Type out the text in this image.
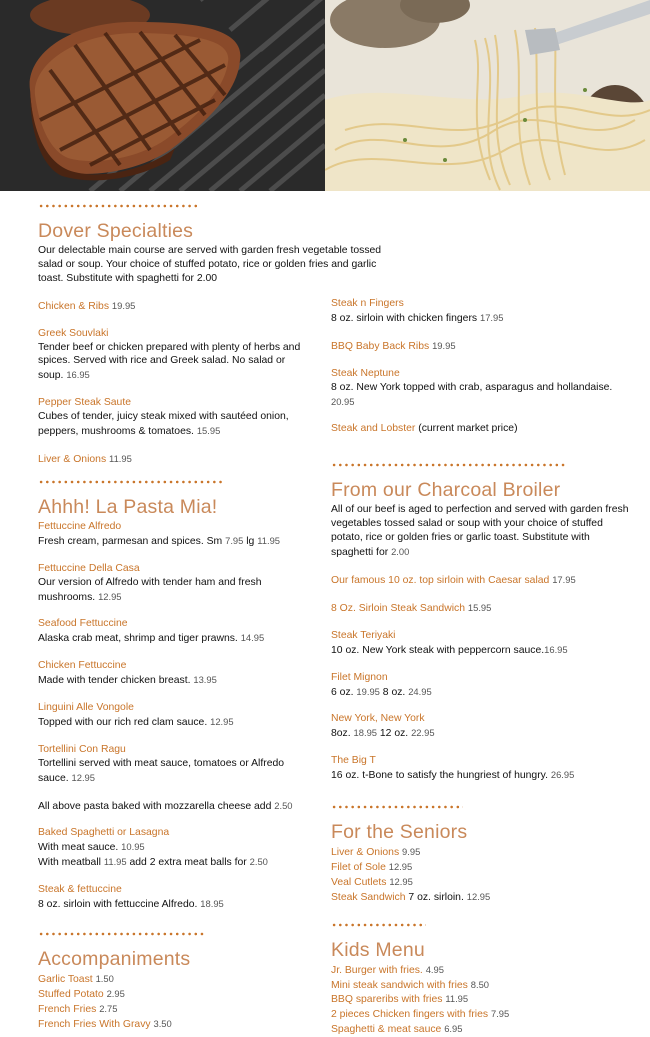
Dover Specialties

Our delectable main course are served with garden fresh vegetable tossed salad or soup. Your choice of stuffed potato, rice or golden fries and garlic toast. Substitute with spaghetti for 2.00

Chicken & Ribs 19.95
Greek Souvlaki
Tender beef or chicken prepared with plenty of herbs and spices. Served with rice and Greek salad. No salad or soup. 16.95
Pepper Steak Saute
Cubes of tender, juicy steak mixed with sautéed onion, peppers, mushrooms & tomatoes. 15.95
Liver & Onions 11.95
Ahhh! La Pasta Mia!
Fettuccine Alfredo
Fresh cream, parmesan and spices. Sm 7.95 lg 11.95
Fettuccine Della Casa
Our version of Alfredo with tender ham and fresh mushrooms. 12.95
Seafood Fettuccine
Alaska crab meat, shrimp and tiger prawns. 14.95
Chicken Fettuccine
Made with tender chicken breast. 13.95
Linguini Alle Vongole
Topped with our rich red clam sauce. 12.95
Tortellini Con Ragu
Tortellini served with meat sauce, tomatoes or Alfredo sauce. 12.95
All above pasta baked with mozzarella cheese add 2.50
Baked Spaghetti or Lasagna
With meat sauce. 10.95
With meatball 11.95 add 2 extra meat balls for 2.50
Steak & fettuccine
8 oz. sirloin with fettuccine Alfredo. 18.95
Accompaniments
Garlic Toast 1.50
Stuffed Potato 2.95
French Fries 2.75
French Fries With Gravy 3.50
Steak n Fingers
8 oz. sirloin with chicken fingers 17.95
BBQ Baby Back Ribs 19.95
Steak Neptune
8 oz. New York topped with crab, asparagus and hollandaise. 20.95
Steak and Lobster (current market price)
From our Charcoal Broiler

All of our beef is aged to perfection and served with garden fresh vegetables tossed salad or soup with your choice of stuffed potato, rice or golden fries or garlic toast. Substitute with spaghetti for 2.00

Our famous 10 oz. top sirloin with Caesar salad 17.95
8 Oz. Sirloin Steak Sandwich 15.95
Steak Teriyaki
10 oz. New York steak with peppercorn sauce.16.95
Filet Mignon
6 oz. 19.95 8 oz. 24.95
New York, New York
8oz. 18.95 12 oz. 22.95
The Big T
16 oz. t-Bone to satisfy the hungriest of hungry. 26.95
For the Seniors
Liver & Onions 9.95
Filet of Sole 12.95
Veal Cutlets 12.95
Steak Sandwich 7 oz. sirloin. 12.95
Kids Menu
Jr. Burger with fries. 4.95
Mini steak sandwich with fries 8.50
BBQ spareribs with fries 11.95
2 pieces Chicken fingers with fries 7.95
Spaghetti & meat sauce 6.95
